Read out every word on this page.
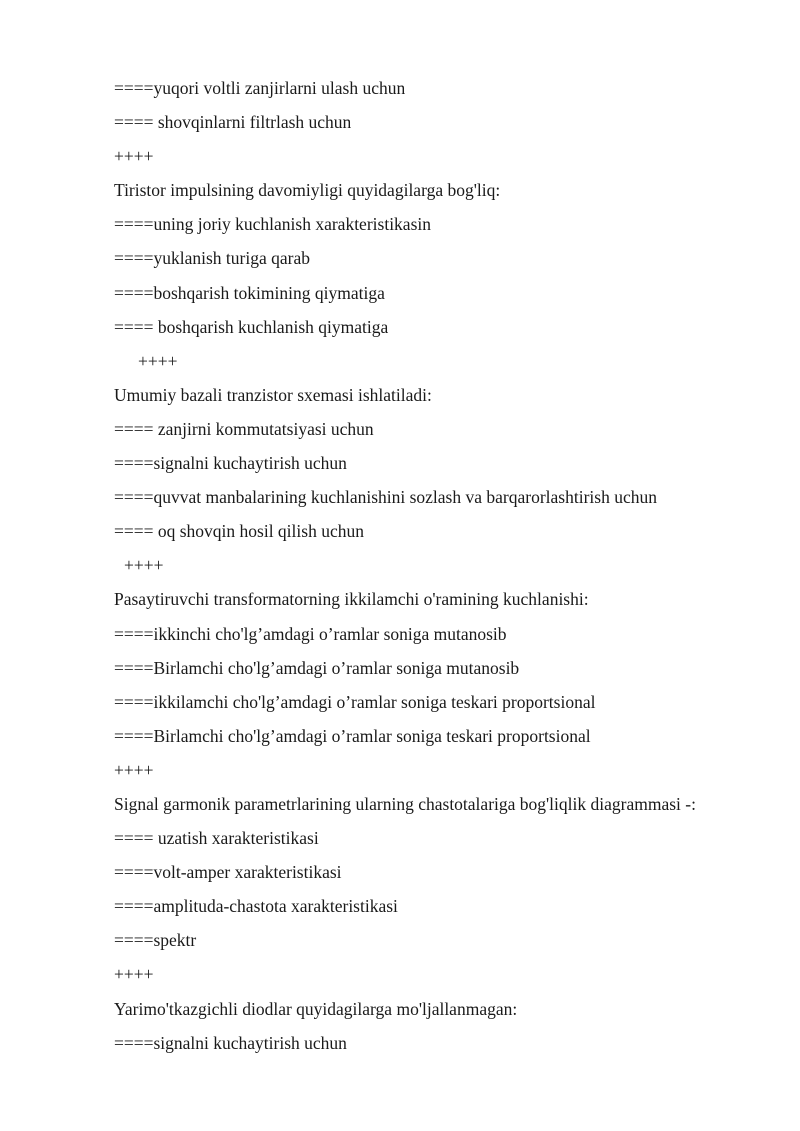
====yuqori voltli zanjirlarni ulash uchun
==== shovqinlarni filtrlash uchun
++++
Tiristor impulsining davomiyligi quyidagilarga bog'liq:
====uning joriy kuchlanish xarakteristikasin
====yuklanish turiga qarab
====boshqarish tokimining qiymatiga
==== boshqarish kuchlanish qiymatiga
++++
Umumiy bazali tranzistor sxemasi ishlatiladi:
==== zanjirni kommutatsiyasi uchun
====signalni kuchaytirish uchun
====quvvat manbalarining kuchlanishini sozlash va barqarorlashtirish uchun
==== oq shovqin hosil qilish uchun
++++
Pasaytiruvchi transformatorning ikkilamchi o'ramining kuchlanishi:
====ikkinchi cho'lg’amdagi o’ramlar soniga mutanosib
====Birlamchi cho'lg’amdagi o’ramlar soniga mutanosib
====ikkilamchi cho'lg’amdagi o’ramlar soniga teskari proportsional
====Birlamchi cho'lg’amdagi o’ramlar soniga teskari proportsional
++++
Signal garmonik parametrlarining ularning chastotalariga bog'liqlik diagrammasi -:
==== uzatish xarakteristikasi
====volt-amper xarakteristikasi
====amplituda-chastota xarakteristikasi
====spektr
++++
Yarimo'tkazgichli diodlar quyidagilarga mo'ljallanmagan:
====signalni kuchaytirish uchun
